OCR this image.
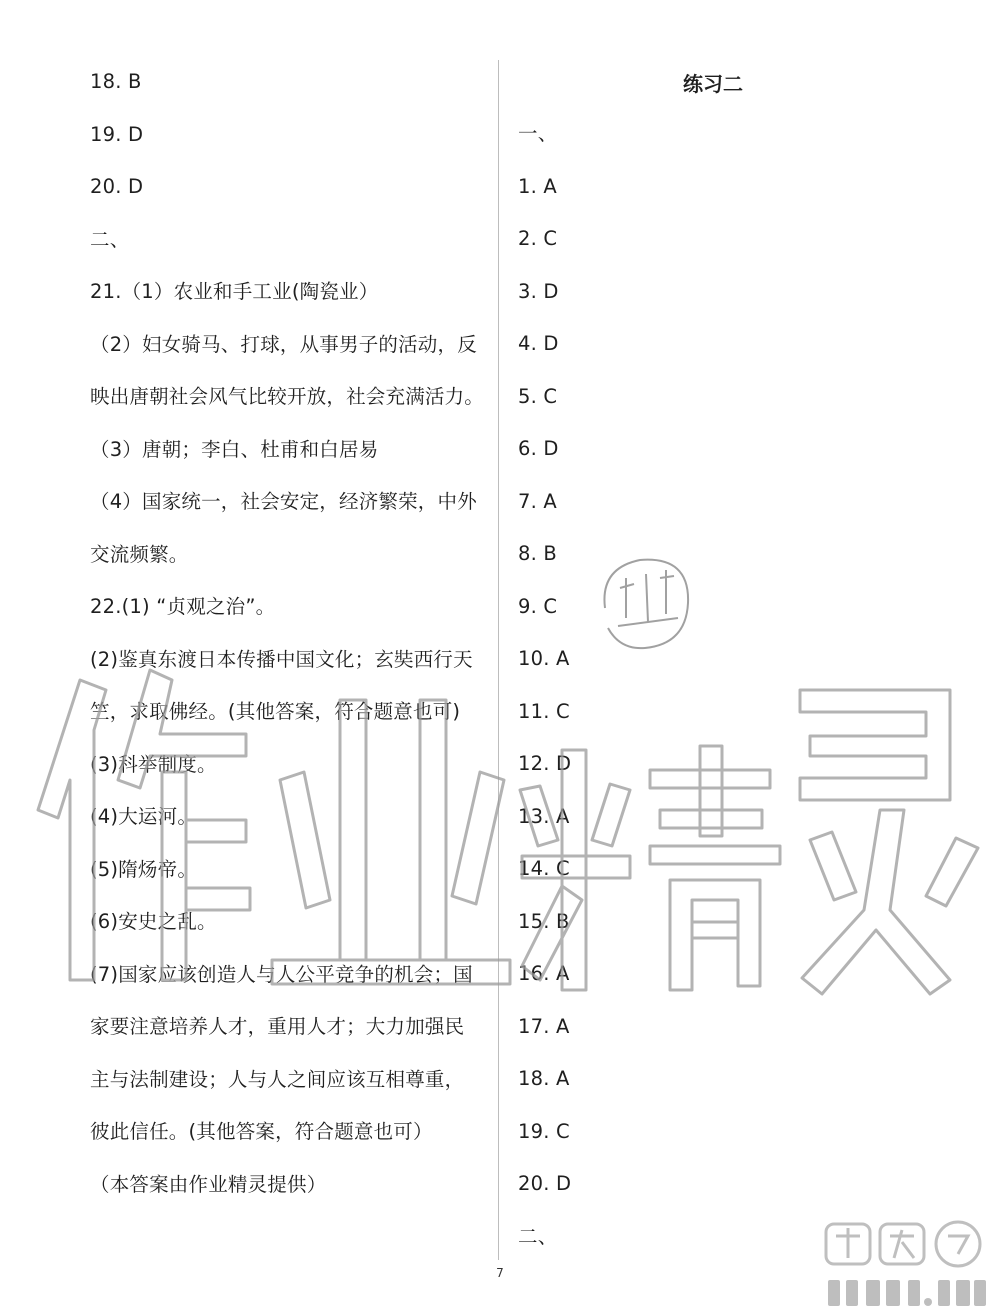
18. B
19. D
20. D
二、
21.（1）农业和手工业(陶瓷业）
（2）妇女骑马、打球，从事男子的活动，反
映出唐朝社会风气比较开放，社会充满活力。
（3）唐朝；李白、杜甫和白居易
（4）国家统一，社会安定，经济繁荣，中外
交流频繁。
22.(1) “贞观之治”。
(2)鉴真东渡日本传播中国文化；玄奘西行天
竺，求取佛经。(其他答案，符合题意也可)
(3)科举制度。
(4)大运河。
(5)隋炀帝。
(6)安史之乱。
(7)国家应该创造人与人公平竞争的机会；国
家要注意培养人才，重用人才；大力加强民
主与法制建设；人与人之间应该互相尊重，
彼此信任。(其他答案，符合题意也可）
（本答案由作业精灵提供）
练习二
一、
1. A
2. C
3. D
4. D
5. C
6. D
7. A
8. B
9. C
10. A
11. C
12. D
13. A
14. C
15. B
16. A
17. A
18. A
19. C
20. D
二、
7
